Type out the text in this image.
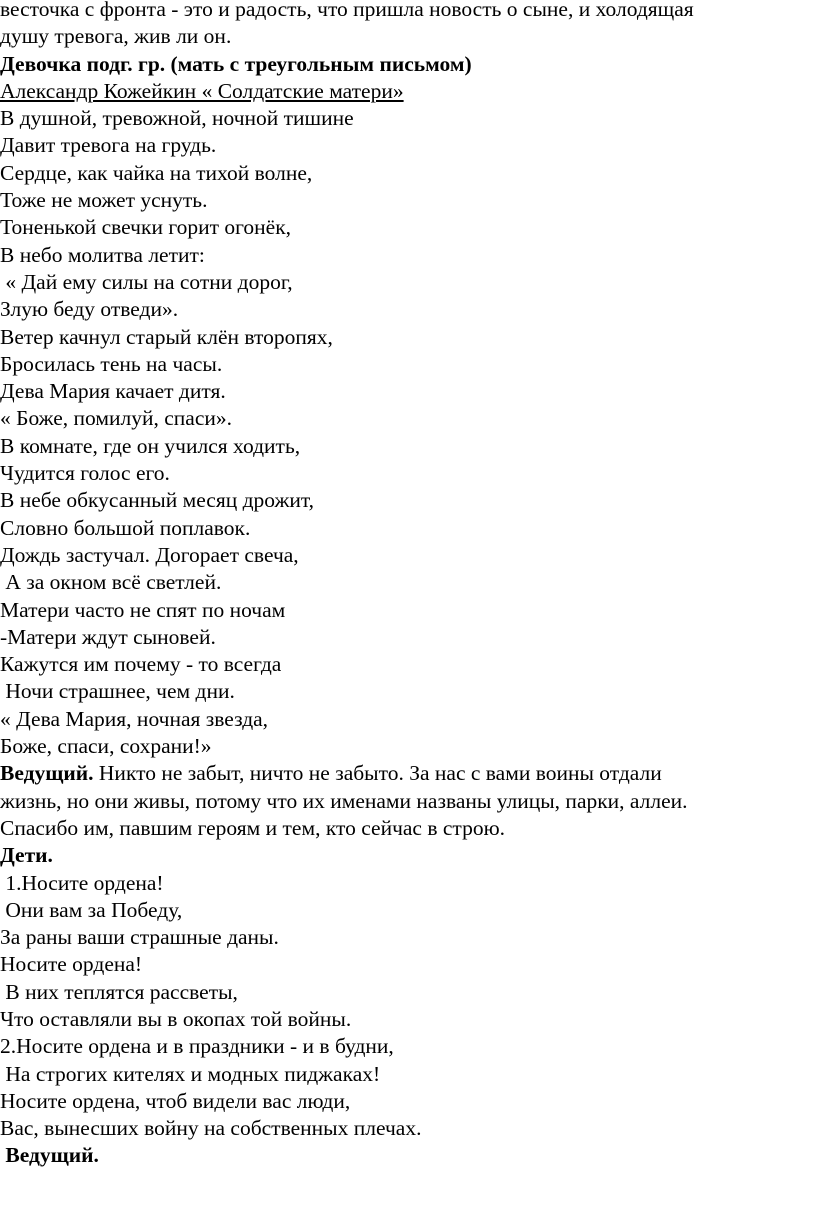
весточка с фронта - это и радость, что пришла новость о сыне, и холодящая
душу тревога, жив ли он.
Девочка подг. гр. (мать с треугольным письмом)
Александр Кожейкин « Солдатские матери»
В душной, тревожной, ночной тишине
Давит тревога на грудь.
Сердце, как чайка на тихой волне,
Тоже не может уснуть.
Тоненькой свечки горит огонёк,
В небо молитва летит:
« Дай ему силы на сотни дорог,
Злую беду отведи».
Ветер качнул старый клён второпях,
Бросилась тень на часы.
Дева Мария качает дитя.
« Боже, помилуй, спаси».
В комнате, где он учился ходить,
Чудится голос его.
В небе обкусанный месяц дрожит,
Словно большой поплавок.
Дождь застучал. Догорает свеча,
А за окном всё светлей.
Матери часто не спят по ночам
-Матери ждут сыновей.
Кажутся им почему - то всегда
Ночи страшнее, чем дни.
« Дева Мария, ночная звезда,
Боже, спаси, сохрани!»
Ведущий. Никто не забыт, ничто не забыто. За нас с вами воины отдали
жизнь, но они живы, потому что их именами названы улицы, парки, аллеи.
Спасибо им, павшим героям и тем, кто сейчас в строю.
Дети.
1.Носите ордена!
Они вам за Победу,
За раны ваши страшные даны.
Носите ордена!
В них теплятся рассветы,
Что оставляли вы в окопах той войны.
2.Носите ордена и в праздники - и в будни,
На строгих кителях и модных пиджаках!
Носите ордена, чтоб видели вас люди,
Вас, вынесших войну на собственных плечах.
Ведущий.
